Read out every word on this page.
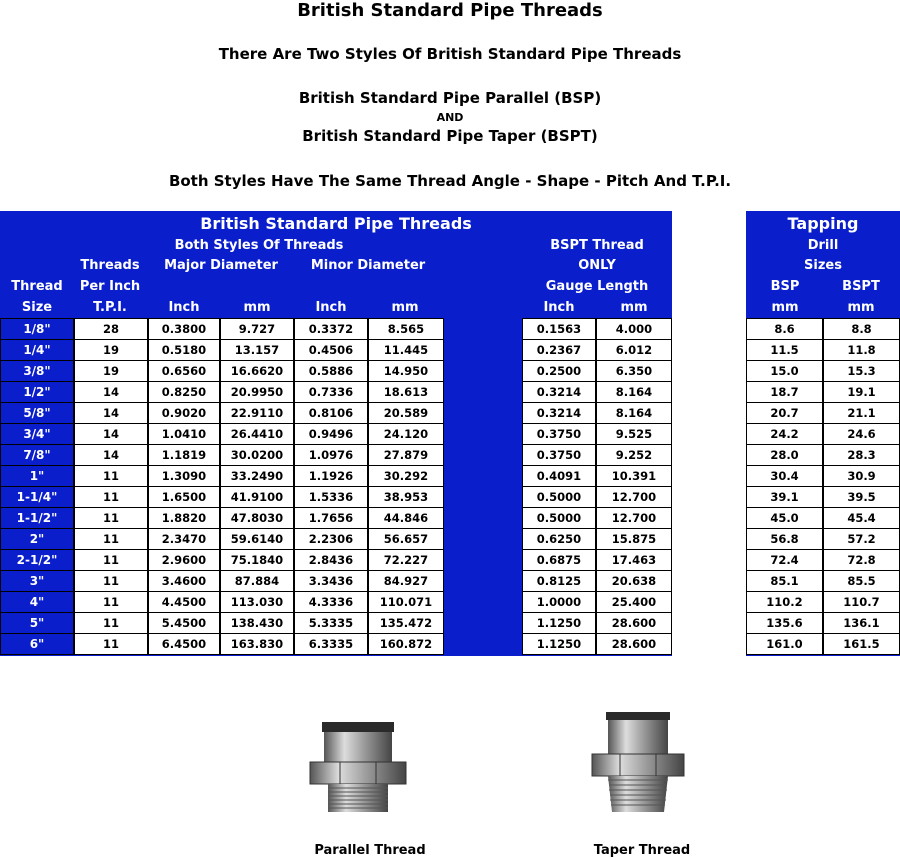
British Standard Pipe Threads
There Are Two Styles Of British Standard Pipe Threads
British Standard Pipe Parallel (BSP)
AND
British Standard Pipe Taper (BSPT)
Both Styles Have The Same Thread Angle - Shape - Pitch And T.P.I.
British Standard Pipe Threads
Both Styles Of Threads	BSPT Thread
ONLY
Thread
Size
Threads
Per Inch
T.P.I.
Major Diameter	Minor Diameter
Gauge Length
Inch	mm	Inch	mm	Inch	mm
Tapping
Drill
Sizes
BSP	BSPT
mm	mm
1/8"	28	0.3800	9.727	0.3372	8.565	0.1563	4.000	8.6	8.8
1/4"	19	0.5180	13.157	0.4506	11.445	0.2367	6.012	11.5	11.8
3/8"	19	0.6560	16.6620	0.5886	14.950	0.2500	6.350	15.0	15.3
1/2"	14	0.8250	20.9950	0.7336	18.613	0.3214	8.164	18.7	19.1
5/8"	14	0.9020	22.9110	0.8106	20.589	0.3214	8.164	20.7	21.1
3/4"	14	1.0410	26.4410	0.9496	24.120	0.3750	9.525	24.2	24.6
7/8"	14	1.1819	30.0200	1.0976	27.879	0.3750	9.252	28.0	28.3
1"	11	1.3090	33.2490	1.1926	30.292	0.4091	10.391	30.4	30.9
1-1/4"	11	1.6500	41.9100	1.5336	38.953	0.5000	12.700	39.1	39.5
1-1/2"	11	1.8820	47.8030	1.7656	44.846	0.5000	12.700	45.0	45.4
2"	11	2.3470	59.6140	2.2306	56.657	0.6250	15.875	56.8	57.2
2-1/2"	11	2.9600	75.1840	2.8436	72.227	0.6875	17.463	72.4	72.8
3"	11	3.4600	87.884	3.3436	84.927	0.8125	20.638	85.1	85.5
4"	11	4.4500	113.030	4.3336	110.071	1.0000	25.400	110.2	110.7
5"	11	5.4500	138.430	5.3335	135.472	1.1250	28.600	135.6	136.1
6"	11	6.4500	163.830	6.3335	160.872	1.1250	28.600	161.0	161.5
Parallel Thread	Taper Thread
